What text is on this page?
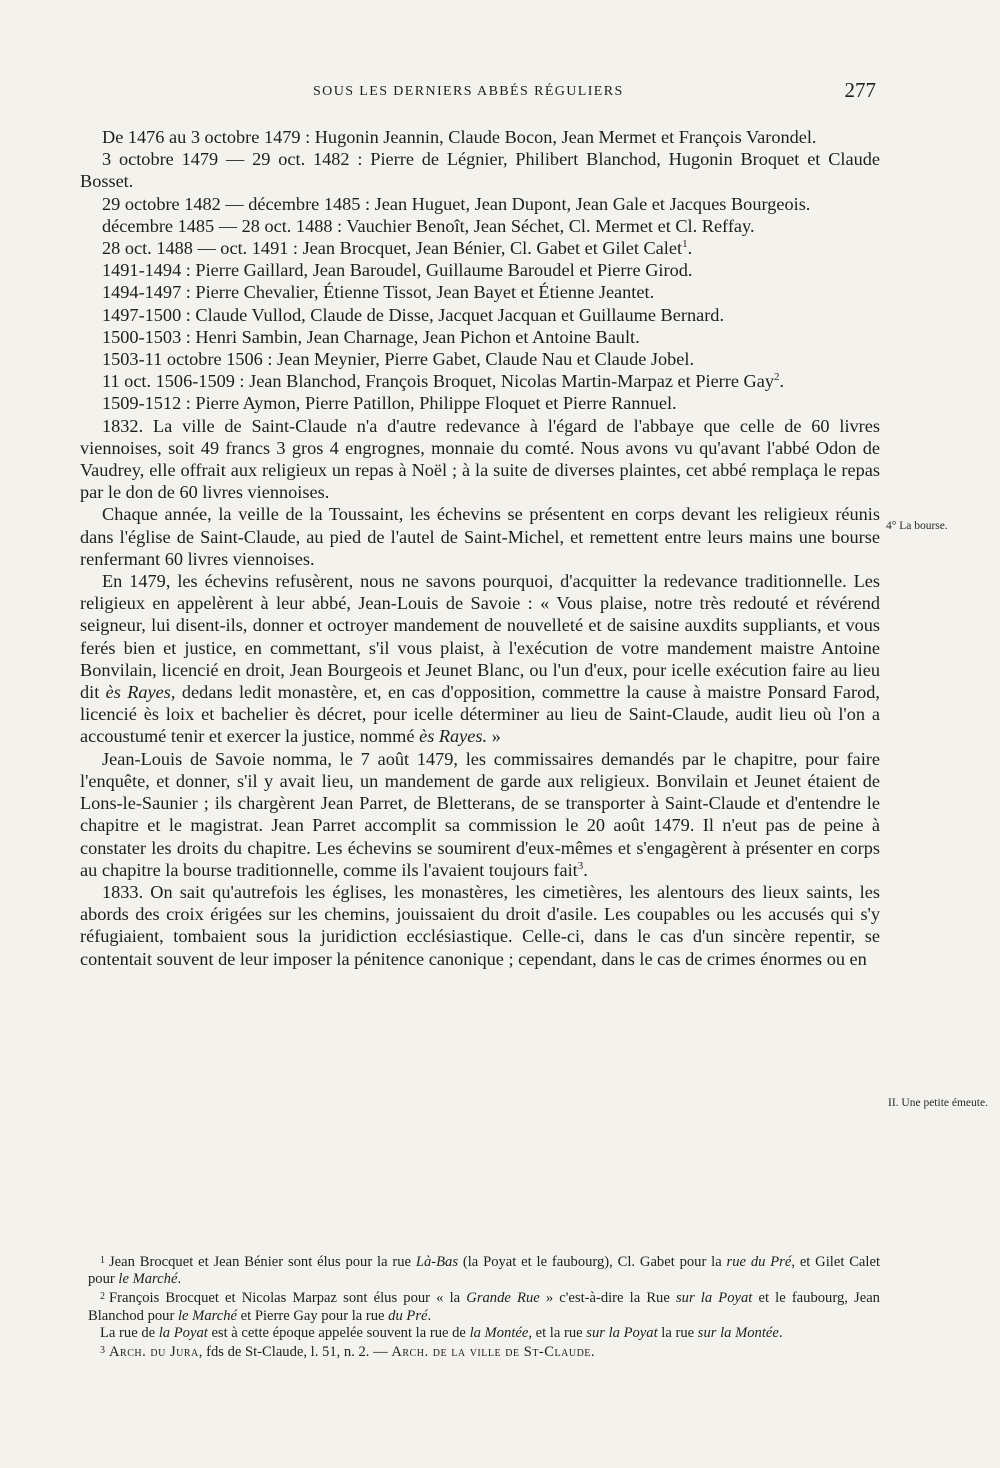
SOUS LES DERNIERS ABBÉS RÉGULIERS	277

De 1476 au 3 octobre 1479 : Hugonin Jeannin, Claude Bocon, Jean Mermet et François Varondel.

3 octobre 1479 — 29 oct. 1482 : Pierre de Légnier, Philibert Blanchod, Hugonin Broquet et Claude Bosset.

29 octobre 1482 — décembre 1485 : Jean Huguet, Jean Dupont, Jean Gale et Jacques Bourgeois.

décembre 1485 — 28 oct. 1488 : Vauchier Benoît, Jean Séchet, Cl. Mermet et Cl. Reffay.

28 oct. 1488 — oct. 1491 : Jean Brocquet, Jean Bénier, Cl. Gabet et Gilet Calet$^1$.

1491-1494 : Pierre Gaillard, Jean Baroudel, Guillaume Baroudel et Pierre Girod.

1494-1497 : Pierre Chevalier, Étienne Tissot, Jean Bayet et Étienne Jeantet.

1497-1500 : Claude Vullod, Claude de Disse, Jacquet Jacquan et Guillaume Bernard.

1500-1503 : Henri Sambin, Jean Charnage, Jean Pichon et Antoine Bault.

1503-11 octobre 1506 : Jean Meynier, Pierre Gabet, Claude Nau et Claude Jobel.

11 oct. 1506-1509 : Jean Blanchod, François Broquet, Nicolas Martin-Marpaz et Pierre Gay$^2$.

1509-1512 : Pierre Aymon, Pierre Patillon, Philippe Floquet et Pierre Rannuel.

1832. La ville de Saint-Claude n'a d'autre redevance à l'égard de l'abbaye que celle de 60 livres viennoises, soit 49 francs 3 gros 4 engrognes, monnaie du comté. Nous avons vu qu'avant l'abbé Odon de Vaudrey, elle offrait aux religieux un repas à Noël ; à la suite de diverses plaintes, cet abbé remplaça le repas par le don de 60 livres viennoises.

Chaque année, la veille de la Toussaint, les échevins se présentent en corps devant les religieux réunis dans l'église de Saint-Claude, au pied de l'autel de Saint-Michel, et remettent entre leurs mains une bourse renfermant 60 livres viennoises.

En 1479, les échevins refusèrent, nous ne savons pourquoi, d'acquitter la redevance traditionnelle. Les religieux en appelèrent à leur abbé, Jean-Louis de Savoie : « Vous plaise, notre très redouté et révérend seigneur, lui disent-ils, donner et octroyer mandement de nouvelleté et de saisine auxdits suppliants, et vous ferés bien et justice, en commettant, s'il vous plaist, à l'exécution de votre mandement maistre Antoine Bonvilain, licencié en droit, Jean Bourgeois et Jeunet Blanc, ou l'un d'eux, pour icelle exécution faire au lieu dit ès Rayes, dedans ledit monastère, et, en cas d'opposition, commettre la cause à maistre Ponsard Farod, licencié ès loix et bachelier ès décret, pour icelle déterminer au lieu de Saint-Claude, audit lieu où l'on a accoustumé tenir et exercer la justice, nommé ès Rayes. »

Jean-Louis de Savoie nomma, le 7 août 1479, les commissaires demandés par le chapitre, pour faire l'enquête, et donner, s'il y avait lieu, un mandement de garde aux religieux. Bonvilain et Jeunet étaient de Lons-le-Saunier ; ils chargèrent Jean Parret, de Bletterans, de se transporter à Saint-Claude et d'entendre le chapitre et le magistrat. Jean Parret accomplit sa commission le 20 août 1479. Il n'eut pas de peine à constater les droits du chapitre. Les échevins se soumirent d'eux-mêmes et s'engagèrent à présenter en corps au chapitre la bourse traditionnelle, comme ils l'avaient toujours fait$^3$.

1833. On sait qu'autrefois les églises, les monastères, les cimetières, les alentours des lieux saints, les abords des croix érigées sur les chemins, jouissaient du droit d'asile. Les coupables ou les accusés qui s'y réfugiaient, tombaient sous la juridiction ecclésiastique. Celle-ci, dans le cas d'un sincère repentir, se contentait souvent de leur imposer la pénitence canonique ; cependant, dans le cas de crimes énormes ou en

4° La bourse.
II. Une petite émeute.

$^1$ Jean Brocquet et Jean Bénier sont élus pour la rue Là-Bas (la Poyat et le faubourg), Cl. Gabet pour la rue du Pré, et Gilet Calet pour le Marché.

$^2$ François Brocquet et Nicolas Marpaz sont élus pour « la Grande Rue » c'est-à-dire la Rue sur la Poyat et le faubourg, Jean Blanchod pour le Marché et Pierre Gay pour la rue du Pré.

La rue de la Poyat est à cette époque appelée souvent la rue de la Montée, et la rue sur la Poyat la rue sur la Montée.

$^3$ Arch. du Jura, fds de St-Claude, l. 51, n. 2. — Arch. de la ville de St-Claude.
